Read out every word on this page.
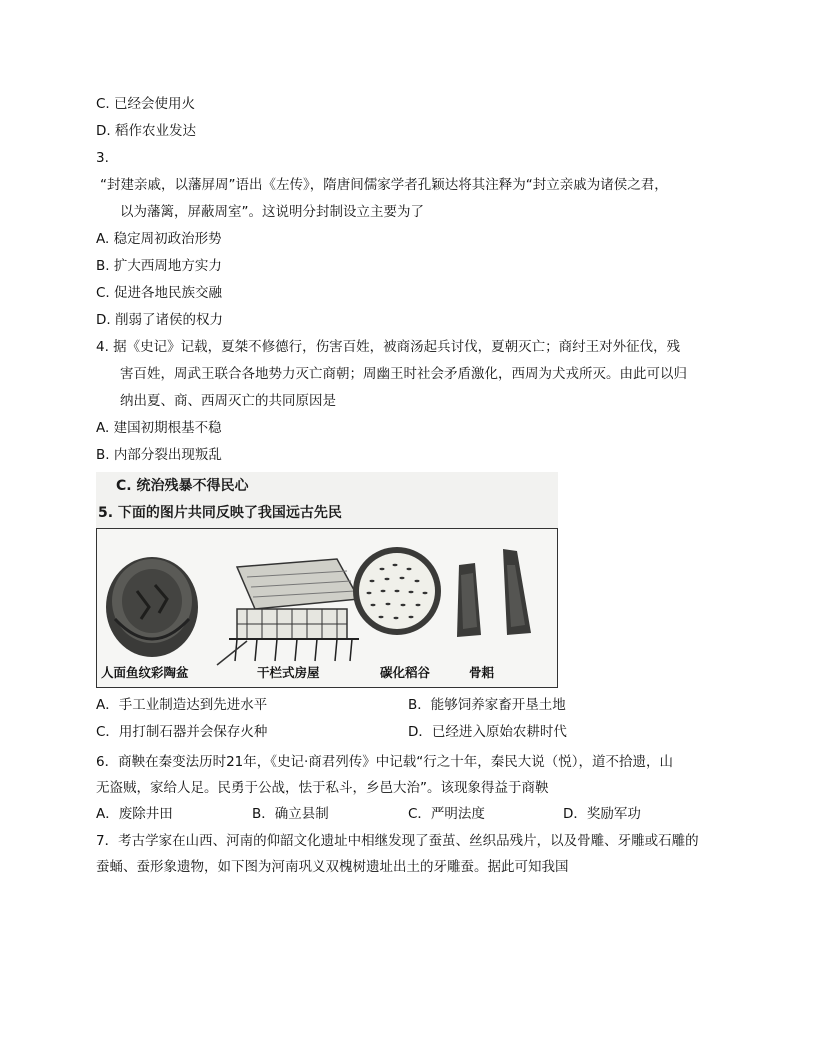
C. 已经会使用火
D. 稻作农业发达
3.
“封建亲戚，以藩屏周”语出《左传》，隋唐间儒家学者孔颖达将其注释为“封立亲戚为诸侯之君，
以为藩篱，屏蔽周室”。这说明分封制设立主要为了
A. 稳定周初政治形势
B. 扩大西周地方实力
C. 促进各地民族交融
D. 削弱了诸侯的权力
4. 据《史记》记载，夏桀不修德行，伤害百姓，被商汤起兵讨伐，夏朝灭亡；商纣王对外征伐，残
害百姓，周武王联合各地势力灭亡商朝；周幽王时社会矛盾激化，西周为犬戎所灭。由此可以归
纳出夏、商、西周灭亡的共同原因是
A. 建国初期根基不稳
B. 内部分裂出现叛乱
C. 统治残暴不得民心
5. 下面的图片共同反映了我国远古先民
人面鱼纹彩陶盆	干栏式房屋	碳化稻谷	骨耜
A．手工业制造达到先进水平	B．能够饲养家畜开垦土地
C．用打制石器并会保存火种	D．已经进入原始农耕时代
6．商鞅在秦变法历时21年，《史记·商君列传》中记载“行之十年，秦民大说（悦），道不拾遗，山
无盗贼，家给人足。民勇于公战，怯于私斗，乡邑大治”。该现象得益于商鞅
A．废除井田	B．确立县制	C．严明法度	D．奖励军功
7．考古学家在山西、河南的仰韶文化遗址中相继发现了蚕茧、丝织品残片，以及骨雕、牙雕或石雕的
蚕蛹、蚕形象遗物，如下图为河南巩义双槐树遗址出土的牙雕蚕。据此可知我国
